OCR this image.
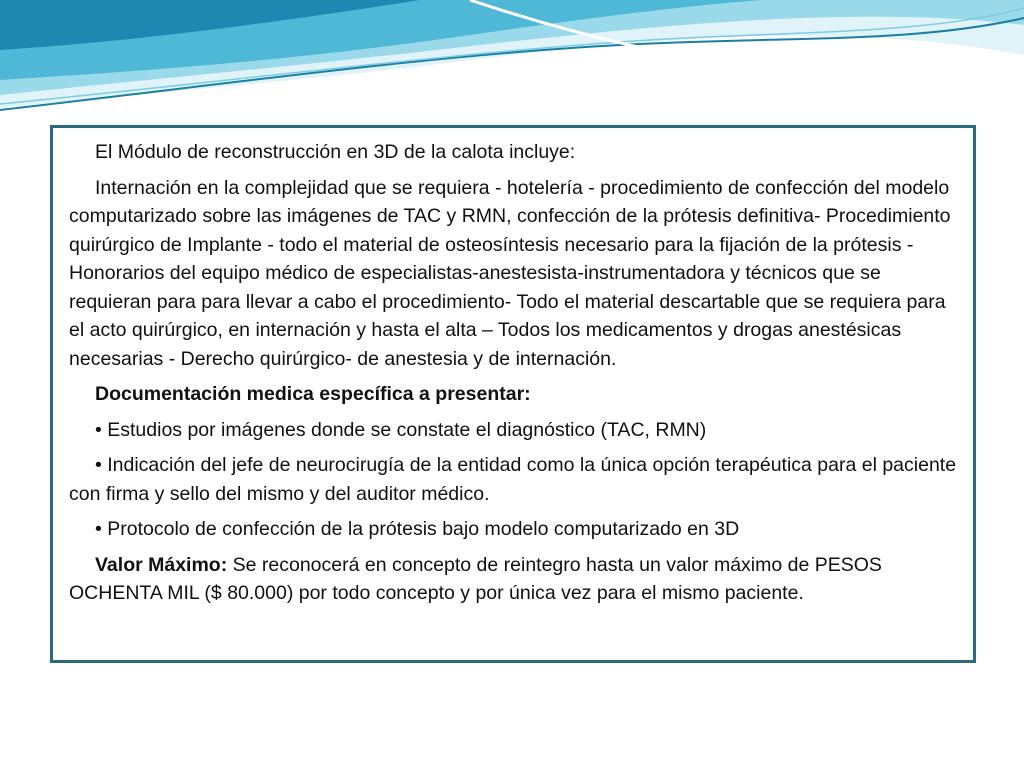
El Módulo de reconstrucción en 3D de la calota incluye:

Internación en la complejidad que se requiera - hotelería - procedimiento de confección del modelo computarizado sobre las imágenes de TAC y RMN, confección de la prótesis definitiva- Procedimiento quirúrgico de Implante - todo el material de osteosíntesis necesario para la fijación de la prótesis - Honorarios del equipo médico de especialistas-anestesista-instrumentadora y técnicos que se requieran para para llevar a cabo el procedimiento- Todo el material descartable que se requiera para el acto quirúrgico, en internación y hasta el alta – Todos los medicamentos y drogas anestésicas necesarias - Derecho quirúrgico- de anestesia y de internación.

Documentación medica específica a presentar:

• Estudios por imágenes donde se constate el diagnóstico (TAC, RMN)

• Indicación del jefe de neurocirugía de la entidad como la única opción terapéutica para el paciente con firma y sello del mismo y del auditor médico.

• Protocolo de confección de la prótesis bajo modelo computarizado en 3D

Valor Máximo: Se reconocerá en concepto de reintegro hasta un valor máximo de PESOS OCHENTA MIL ($ 80.000) por todo concepto y por única vez para el mismo paciente.
